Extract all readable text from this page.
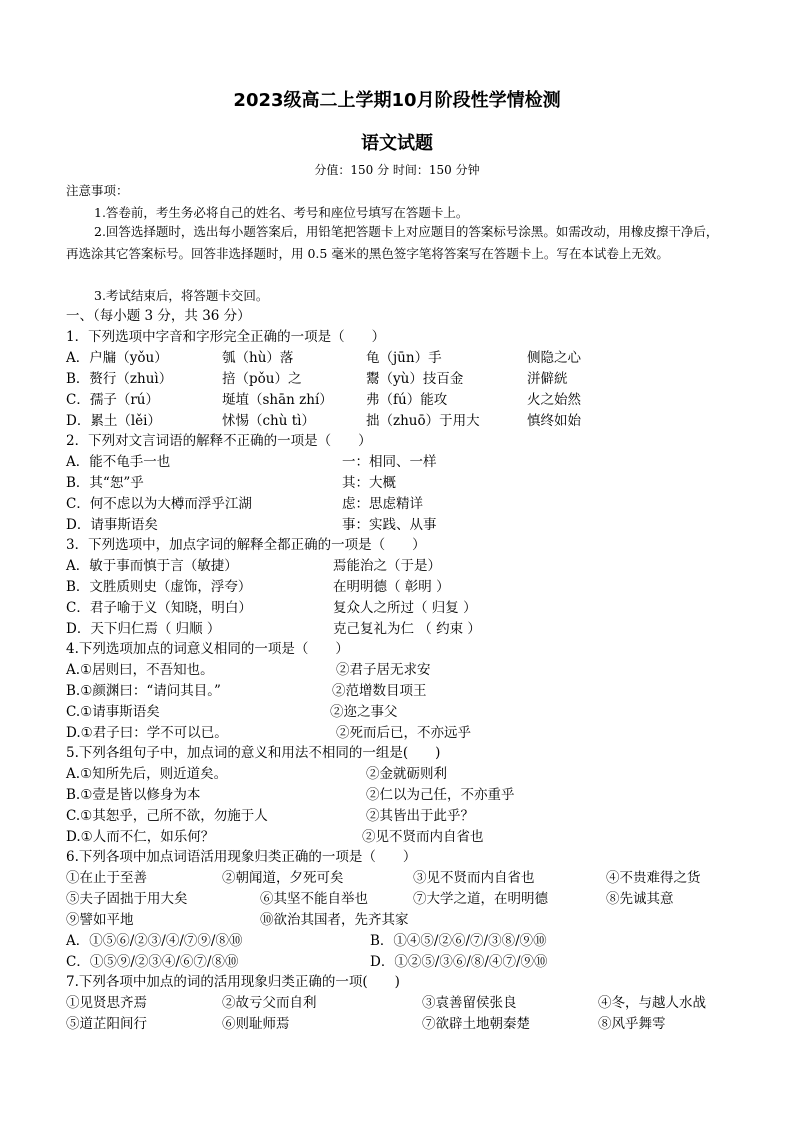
2023级高二上学期10月阶段性学情检测
语文试题
分值：150 分 时间：150 分钟
注意事项：
1.答卷前，考生务必将自己的姓名、考号和座位号填写在答题卡上。
2.回答选择题时，选出每小题答案后，用铅笔把答题卡上对应题目的答案标号涂黑。如需改动，用橡皮擦干净后，再选涂其它答案标号。回答非选择题时，用 0.5 毫米的黑色签字笔将答案写在答题卡上。写在本试卷上无效。
3.考试结束后，将答题卡交回。
一、（每小题 3 分，共 36 分）
1．下列选项中字音和字形完全正确的一项是（　　）
A．户牖（yǒu）	瓠（hù）落	龟（jūn）手	侧隐之心
B．赘行（zhuì）	掊（pǒu）之	鬻（yù）技百金	洴僻絖
C．孺子（rú）	埏埴（shān zhí） 弗（fú）能攻	火之始然
D．累土（lěi）	怵惕（chù tì）	拙（zhuō）于用大	慎终如始
2．下列对文言词语的解释不正确的一项是（　　）
A．能不龟手一也	一：相同、一样
B．其“恕”乎	其：大概
C．何不虑以为大樽而浮乎江湖	虑：思虑精详
D．请事斯语矣	事：实践、从事
3．下列选项中，加点字词的解释全都正确的一项是（　　）
A．敏于事而慎于言（敏捷）	焉能治之（于是）
B．文胜质则史（虚饰，浮夸）	在明明德（ 彰明 ）
C．君子喻于义（知晓，明白）	复众人之所过（ 归复 ）
D．天下归仁焉（ 归顺 ）	克己复礼为仁 （ 约束 ）
4.下列选项加点的词意义相同的一项是（　　）
A.①居则曰，不吾知也。	②君子居无求安
B.①颜渊曰：“请问其目。”	②范增数目项王
C.①请事斯语矣	②迩之事父
D.①君子曰：学不可以已。	②死而后已，不亦远乎
5.下列各组句子中，加点词的意义和用法不相同的一组是(　　)
A.①知所先后，则近道矣。	②金就砺则利
B.①壹是皆以修身为本	②仁以为己任，不亦重乎
C.①其恕乎，己所不欲，勿施于人	②其皆出于此乎？
D.①人而不仁，如乐何？	②见不贤而内自省也
6.下列各项中加点词语活用现象归类正确的一项是（　　）
①在止于至善	②朝闻道，夕死可矣	③见不贤而内自省也	④不贵难得之货
⑤夫子固拙于用大矣	⑥其坚不能自举也	⑦大学之道，在明明德	⑧先诚其意
⑨譬如平地	⑩欲治其国者，先齐其家
A．①⑤⑥/②③/④/⑦⑨/⑧⑩	B．①④⑤/②⑥/⑦/③⑧/⑨⑩
C．①⑤⑨/②③④/⑥⑦/⑧⑩	D．①②⑤/③⑥/⑧/④⑦/⑨⑩
7.下列各项中加点的词的活用现象归类正确的一项(　　)
①见贤思齐焉	②故亏父而自利	③袁善留侯张良	④冬，与越人水战
⑤道芷阳间行	⑥则耻师焉	⑦欲辟土地朝秦楚	⑧风乎舞雩
